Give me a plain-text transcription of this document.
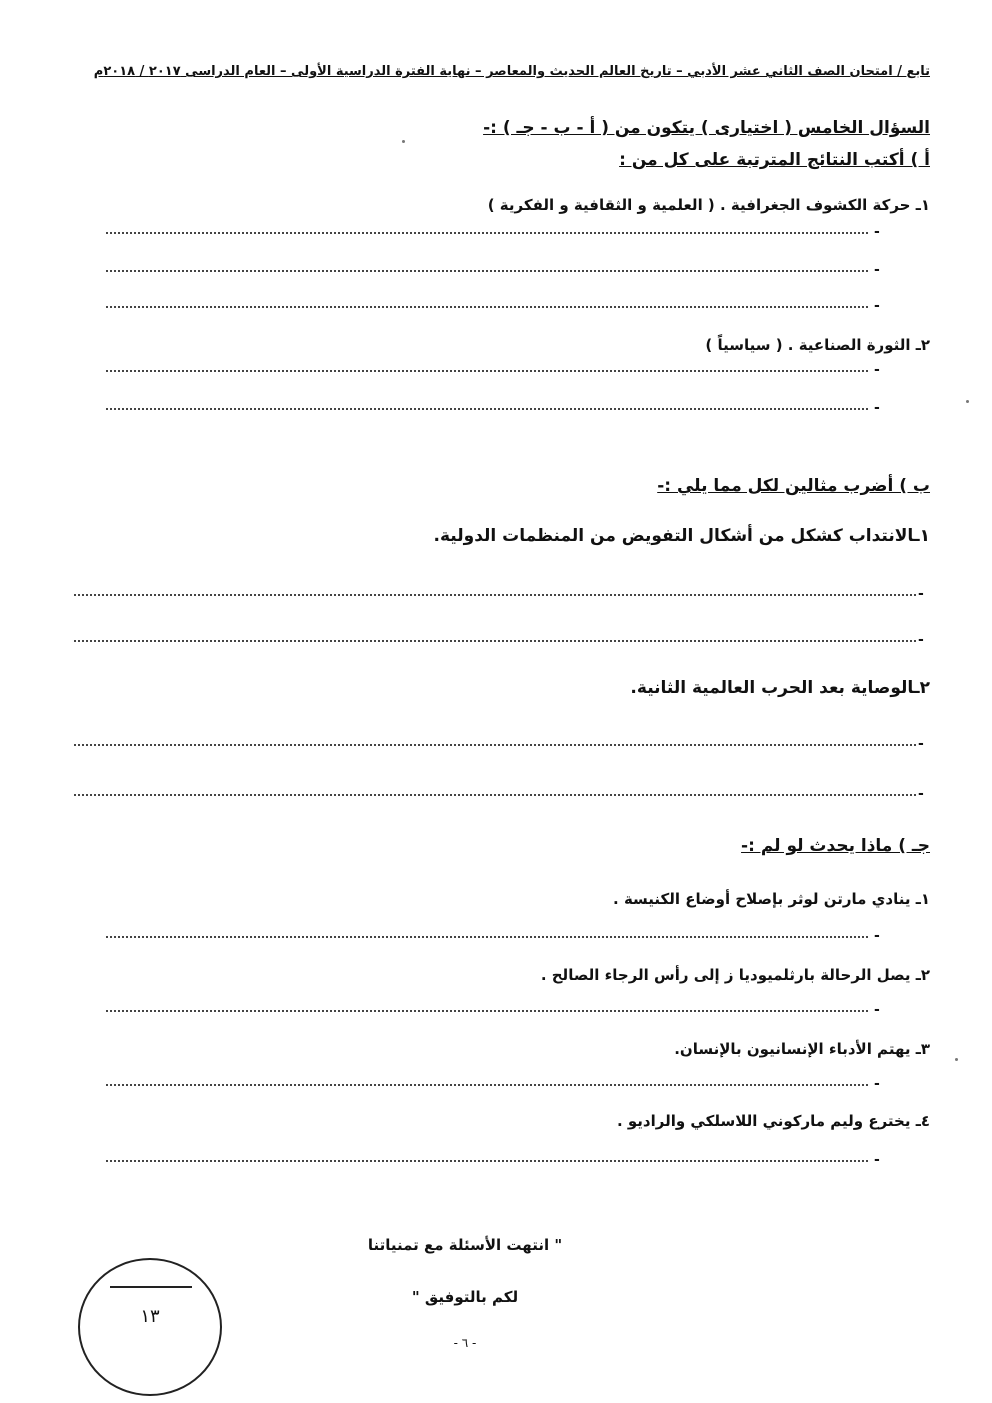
تابع / امتحان الصف الثاني عشر الأدبي – تاريخ العالم الحديث والمعاصر – نهاية الفترة الدراسية الأولى – العام الدراسى ٢٠١٧ / ٢٠١٨م
السؤال الخامس ( اختيارى ) يتكون من ( أ - ب - جـ ) :-
أ ) أكتب النتائج المترتبة على كل من :
١ـ حركة الكشوف الجغرافية . ( العلمية و الثقافية و الفكرية )
-
-
-
٢ـ الثورة الصناعية . ( سياسياً )
-
-
ب ) أضرب مثالين لكل مما يلي :-
١ـالانتداب كشكل من أشكال التفويض من المنظمات الدولية.
-
-
٢ـالوصاية بعد الحرب العالمية الثانية.
-
-
جـ ) ماذا يحدث لو لم :-
١ـ ينادي مارتن لوثر بإصلاح أوضاع الكنيسة .
-
٢ـ يصل الرحالة بارثلميوديا ز إلى رأس الرجاء الصالح .
-
٣ـ يهتم الأدباء الإنسانيون بالإنسان.
-
٤ـ يخترع وليم ماركوني اللاسلكي والراديو .
-
" انتهت الأسئلة مع تمنياتنا
لكم بالتوفيق "
- ٦ -
١٣
